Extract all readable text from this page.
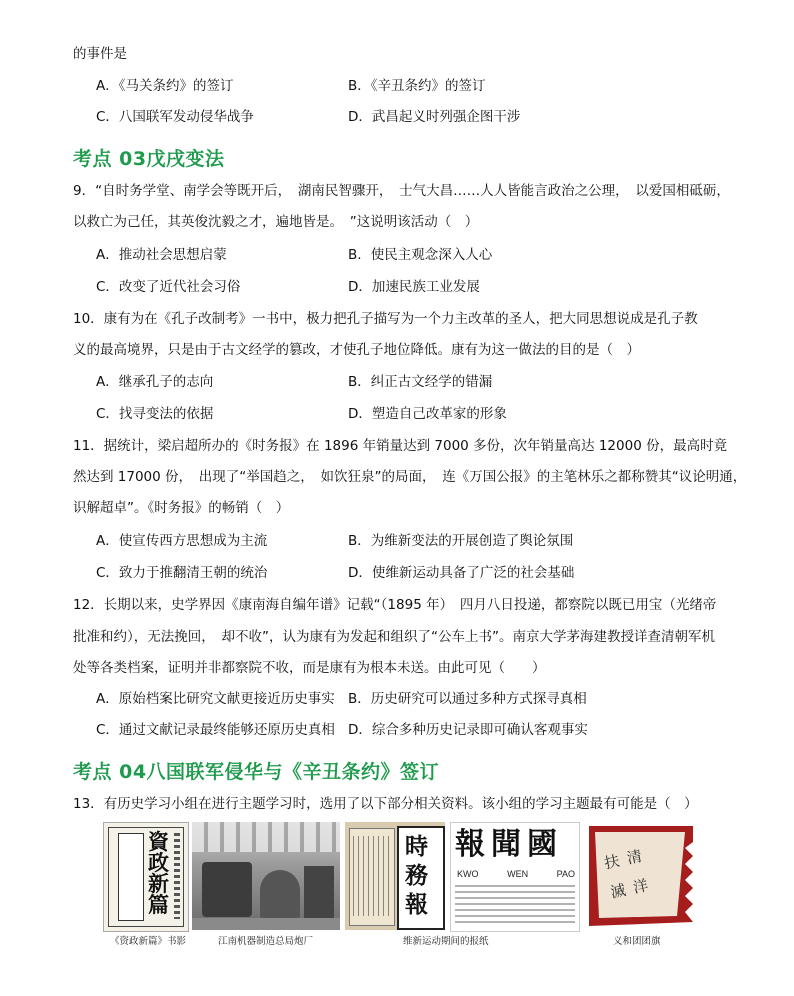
的事件是
A．《马关条约》的签订	B．《辛丑条约》的签订
C．八国联军发动侵华战争	D．武昌起义时列强企图干涉
考点 03戊戌变法
9．“自时务学堂、南学会等既开后，　湖南民智骤开，　士气大昌……人人皆能言政治之公理，　以爱国相砥砺，
以救亡为己任，其英俊沈毅之才，遍地皆是。　”这说明该活动（　）
A．推动社会思想启蒙	B．使民主观念深入人心
C．改变了近代社会习俗	D．加速民族工业发展
10．康有为在《孔子改制考》一书中，极力把孔子描写为一个力主改革的圣人，把大同思想说成是孔子教
义的最高境界，只是由于古文经学的篡改，才使孔子地位降低。康有为这一做法的目的是（　）
A．继承孔子的志向	B．纠正古文经学的错漏
C．找寻变法的依据	D．塑造自己改革家的形象
11．据统计，梁启超所办的《时务报》在 1896 年销量达到 7000 多份，次年销量高达 12000 份，最高时竟
然达到 17000 份，　出现了“举国趋之，　如饮狂泉”的局面，　连《万国公报》的主笔林乐之都称赞其“议论明通，
识解超卓”。《时务报》的畅销（　）
A．使宣传西方思想成为主流	B．为维新变法的开展创造了舆论氛围
C．致力于推翻清王朝的统治	D．使维新运动具备了广泛的社会基础
12．长期以来，史学界因《康南海自编年谱》记载“（1895 年）　四月八日投递，都察院以既已用宝（光绪帝
批准和约），无法挽回，　却不收”，认为康有为发起和组织了“公车上书”。南京大学茅海建教授详查清朝军机
处等各类档案，证明并非都察院不收，而是康有为根本未送。由此可见（　　）
A．原始档案比研究文献更接近历史事实 B．历史研究可以通过多种方式探寻真相
C．通过文献记录最终能够还原历史真相 D．综合多种历史记录即可确认客观事实
考点 04八国联军侵华与《辛丑条约》签订
13．有历史学习小组在进行主题学习时，选用了以下部分相关资料。该小组的学习主题最有可能是（　）
資政新篇
時務報
報聞國
KWO	WEN	PAO
扶清滅洋
《资政新篇》书影	江南机器制造总局炮厂	维新运动期间的报纸	义和团团旗
